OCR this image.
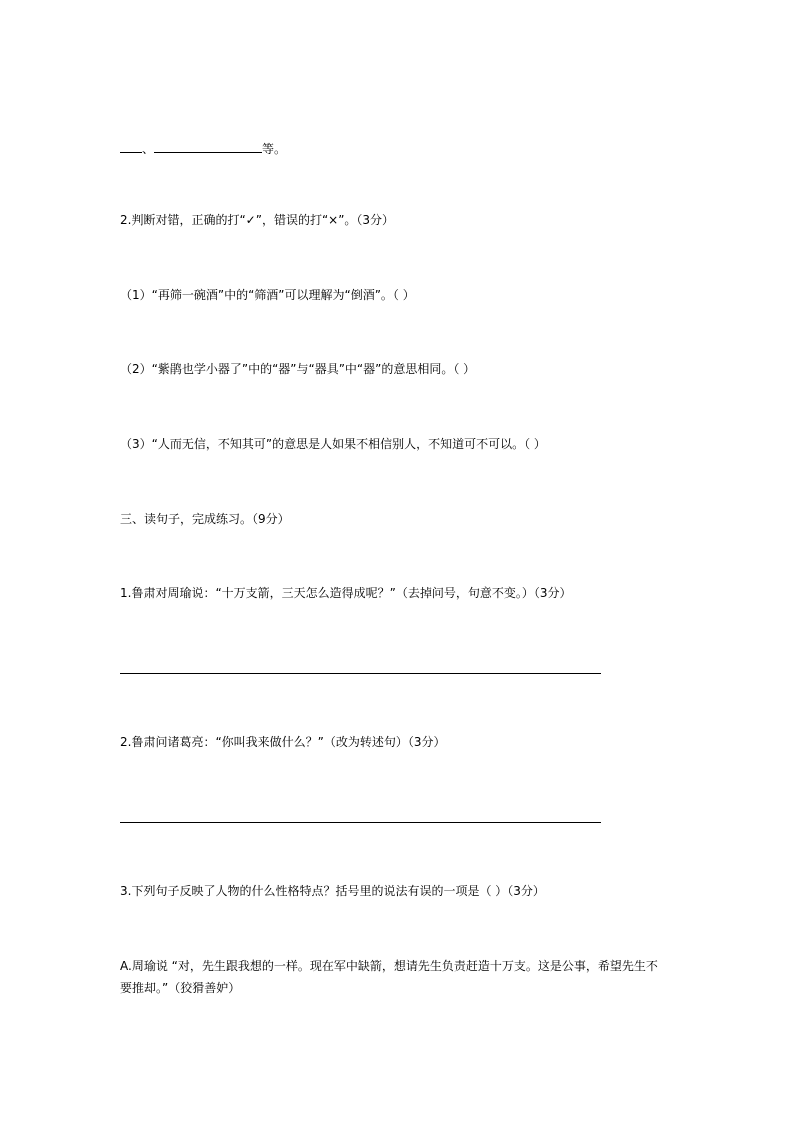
、	等。
2.判断对错，正确的打“✓”，错误的打“×”。（3分）
（1）“再筛一碗酒”中的“筛酒”可以理解为“倒酒”。（ ）
（2）“紫鹃也学小器了”中的“器”与“器具”中“器”的意思相同。（ ）
（3）“人而无信，不知其可”的意思是人如果不相信别人，不知道可不可以。（ ）
三、读句子，完成练习。（9分）
1.鲁肃对周瑜说：“十万支箭，三天怎么造得成呢？”（去掉问号，句意不变。）（3分）
2.鲁肃问诸葛亮：“你叫我来做什么？”（改为转述句）（3分）
3.下列句子反映了人物的什么性格特点？括号里的说法有误的一项是（ ）（3分）
A.周瑜说 “对，先生跟我想的一样。现在军中缺箭，想请先生负责赶造十万支。这是公事，希望先生不要推却。”（狡猾善妒）
